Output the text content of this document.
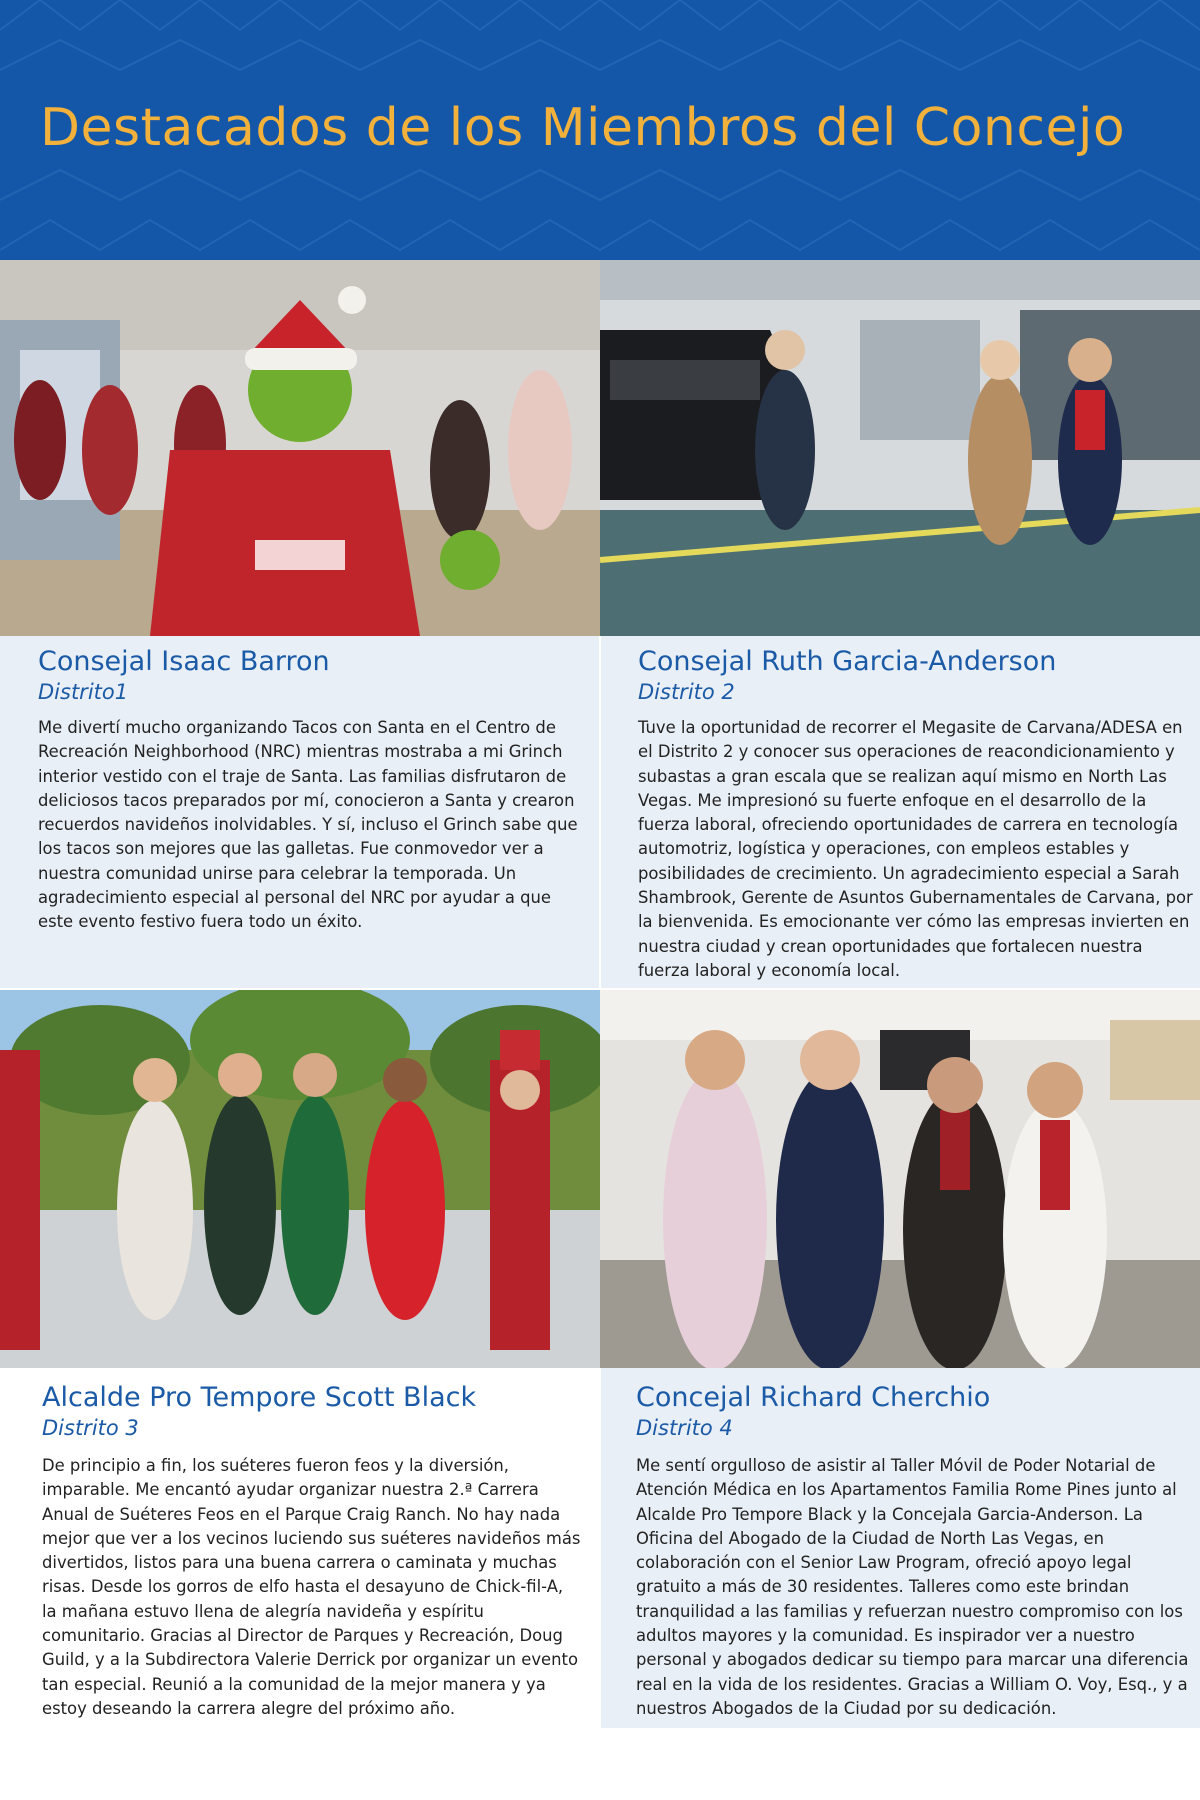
Destacados de los Miembros del Concejo
Consejal Isaac Barron
Distrito1

Me divertí mucho organizando Tacos con Santa en el Centro de Recreación Neighborhood (NRC) mientras mostraba a mi Grinch interior vestido con el traje de Santa. Las familias disfrutaron de deliciosos tacos preparados por mí, conocieron a Santa y crearon recuerdos navideños inolvidables. Y sí, incluso el Grinch sabe que los tacos son mejores que las galletas. Fue conmovedor ver a nuestra comunidad unirse para celebrar la temporada. Un agradecimiento especial al personal del NRC por ayudar a que este evento festivo fuera todo un éxito.

Consejal Ruth Garcia-Anderson
Distrito 2

Tuve la oportunidad de recorrer el Megasite de Carvana/ADESA en el Distrito 2 y conocer sus operaciones de reacondicionamiento y subastas a gran escala que se realizan aquí mismo en North Las Vegas. Me impresionó su fuerte enfoque en el desarrollo de la fuerza laboral, ofreciendo oportunidades de carrera en tecnología automotriz, logística y operaciones, con empleos estables y posibilidades de crecimiento. Un agradecimiento especial a Sarah Shambrook, Gerente de Asuntos Gubernamentales de Carvana, por la bienvenida. Es emocionante ver cómo las empresas invierten en nuestra ciudad y crean oportunidades que fortalecen nuestra fuerza laboral y economía local.

Alcalde Pro Tempore Scott Black
Distrito 3

De principio a fin, los suéteres fueron feos y la diversión, imparable. Me encantó ayudar organizar nuestra 2.ª Carrera Anual de Suéteres Feos en el Parque Craig Ranch. No hay nada mejor que ver a los vecinos luciendo sus suéteres navideños más divertidos, listos para una buena carrera o caminata y muchas risas. Desde los gorros de elfo hasta el desayuno de Chick-fil-A, la mañana estuvo llena de alegría navideña y espíritu comunitario. Gracias al Director de Parques y Recreación, Doug Guild, y a la Subdirectora Valerie Derrick por organizar un evento tan especial. Reunió a la comunidad de la mejor manera y ya estoy deseando la carrera alegre del próximo año.

Concejal Richard Cherchio
Distrito 4

Me sentí orgulloso de asistir al Taller Móvil de Poder Notarial de Atención Médica en los Apartamentos Familia Rome Pines junto al Alcalde Pro Tempore Black y la Concejala Garcia-Anderson. La Oficina del Abogado de la Ciudad de North Las Vegas, en colaboración con el Senior Law Program, ofreció apoyo legal gratuito a más de 30 residentes. Talleres como este brindan tranquilidad a las familias y refuerzan nuestro compromiso con los adultos mayores y la comunidad. Es inspirador ver a nuestro personal y abogados dedicar su tiempo para marcar una diferencia real en la vida de los residentes. Gracias a William O. Voy, Esq., y a nuestros Abogados de la Ciudad por su dedicación.
